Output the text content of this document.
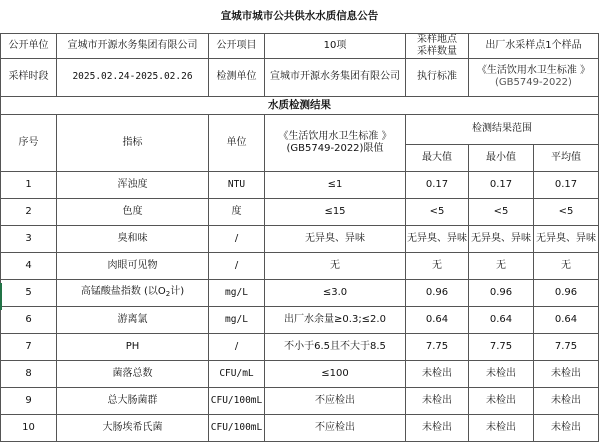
宣城市城市公共供水水质信息公告						
公开单位	宣城市开源水务集团有限公司	公开项目	10项	采样地点
采样数量	出厂水采样点1个样品	
采样时段	2025.02.24-2025.02.26	检测单位	宣城市开源水务集团有限公司	执行标准	《生活饮用水卫生标准 》
(GB5749-2022)	

水质检测结果						
序号	指标	单位	《生活饮用水卫生标准 》
(GB5749-2022)限值	检测结果范围		
				最大值	最小值	平均值
1	浑浊度	NTU	≤1	0.17	0.17	0.17
2	色度	度	≤15	<5	<5	<5
3	臭和味	/	无异臭、异味	无异臭、异味	无异臭、异味	无异臭、异味
4	肉眼可见物	/	无	无	无	无
5	高锰酸盐指数 (以$O_2$计)	mg/L	≤3.0	0.96	0.96	0.96
6	游离氯	mg/L	出厂水余量≥0.3;≤2.0	0.64	0.64	0.64
7	PH	/	不小于6.5且不大于8.5	7.75	7.75	7.75
8	菌落总数	CFU/mL	≤100	未检出	未检出	未检出
9	总大肠菌群	CFU/100mL	不应检出	未检出	未检出	未检出
10	大肠埃希氏菌	CFU/100mL	不应检出	未检出	未检出	未检出
